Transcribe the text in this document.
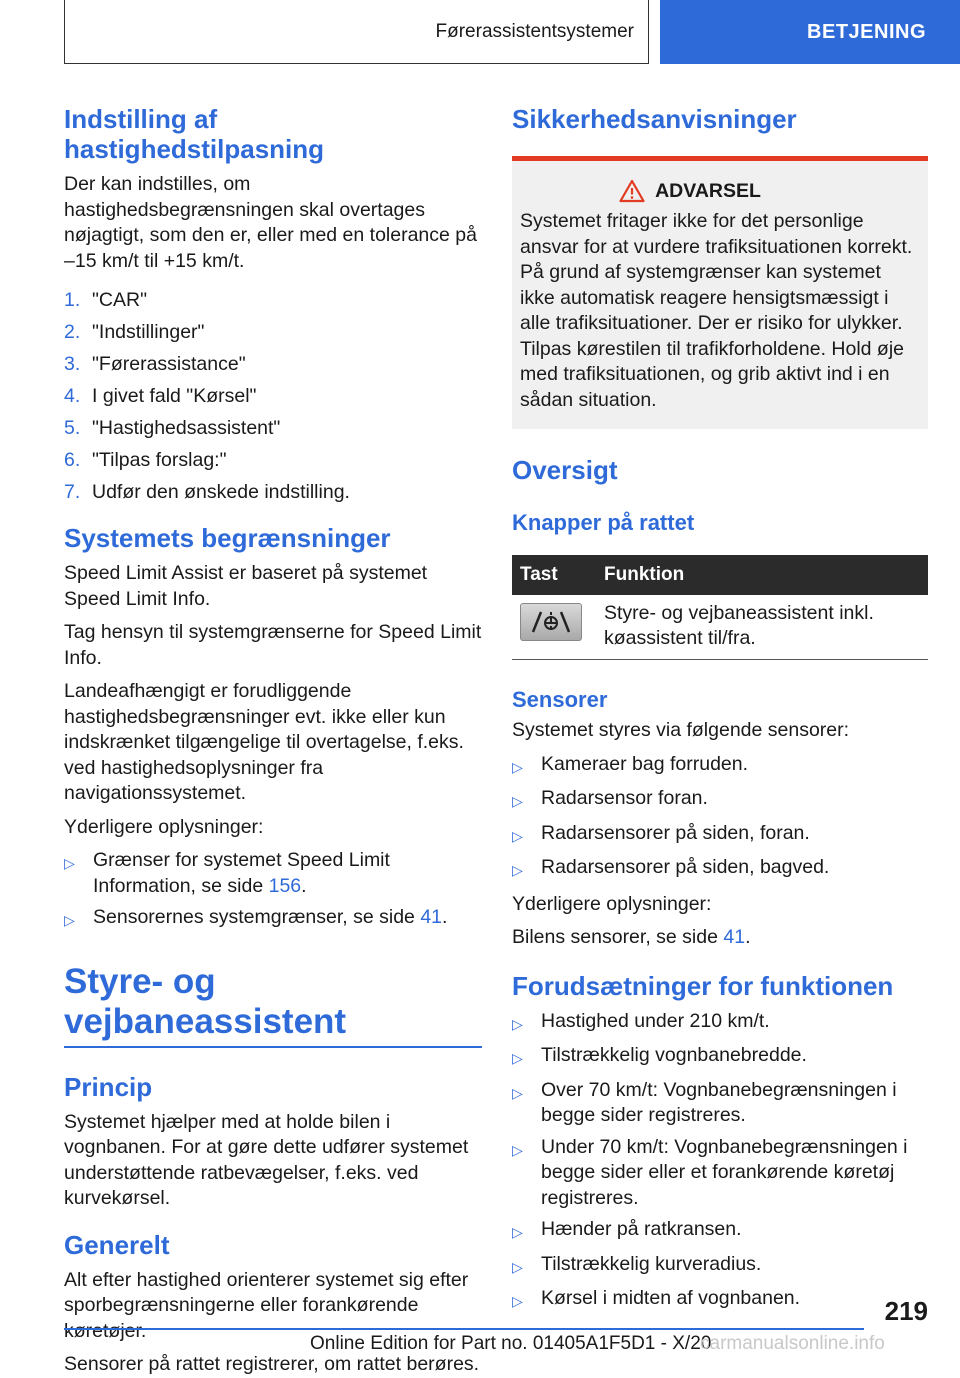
Førerassistentsystemer	BETJENING
Indstilling af hastighedstilpasning
Der kan indstilles, om hastighedsbegrænsningen skal overtages nøjagtigt, som den er, eller med en tolerance på –15 km/t til +15 km/t.
1. "CAR"
2. "Indstillinger"
3. "Førerassistance"
4. I givet fald "Kørsel"
5. "Hastighedsassistent"
6. "Tilpas forslag:"
7. Udfør den ønskede indstilling.
Systemets begrænsninger
Speed Limit Assist er baseret på systemet Speed Limit Info.
Tag hensyn til systemgrænserne for Speed Limit Info.
Landeafhængigt er forudliggende hastighedsbegrænsninger evt. ikke eller kun indskrænket tilgængelige til overtagelse, f.eks. ved hastighedsoplysninger fra navigationssystemet.
Yderligere oplysninger:
▷ Grænser for systemet Speed Limit Information, se side 156.
▷ Sensorernes systemgrænser, se side 41.
Styre- og vejbaneassistent
Princip
Systemet hjælper med at holde bilen i vognbanen. For at gøre dette udfører systemet understøttende ratbevægelser, f.eks. ved kurvekørsel.
Generelt
Alt efter hastighed orienterer systemet sig efter sporbegrænsningerne eller forankørende køretøjer.
Sensorer på rattet registrerer, om rattet berøres.
Sikkerhedsanvisninger
ADVARSEL
Systemet fritager ikke for det personlige ansvar for at vurdere trafiksituationen korrekt. På grund af systemgrænser kan systemet ikke automatisk reagere hensigtsmæssigt i alle trafiksituationer. Der er risiko for ulykker. Tilpas kørestilen til trafikforholdene. Hold øje med trafiksituationen, og grib aktivt ind i en sådan situation.
Oversigt
Knapper på rattet
Tast	Funktion

	Styre- og vejbaneassistent inkl. køassistent til/fra.
Sensorer
Systemet styres via følgende sensorer:
▷ Kameraer bag forruden.
▷ Radarsensor foran.
▷ Radarsensorer på siden, foran.
▷ Radarsensorer på siden, bagved.
Yderligere oplysninger:
Bilens sensorer, se side 41.
Forudsætninger for funktionen
▷ Hastighed under 210 km/t.
▷ Tilstrækkelig vognbanebredde.
▷ Over 70 km/t: Vognbanebegrænsningen i begge sider registreres.
▷ Under 70 km/t: Vognbanebegrænsningen i begge sider eller et forankørende køretøj registreres.
▷ Hænder på ratkransen.
▷ Tilstrækkelig kurveradius.
▷ Kørsel i midten af vognbanen.	219
Online Edition for Part no. 01405A1F5D1 - X/20
carmanualsonline.info
